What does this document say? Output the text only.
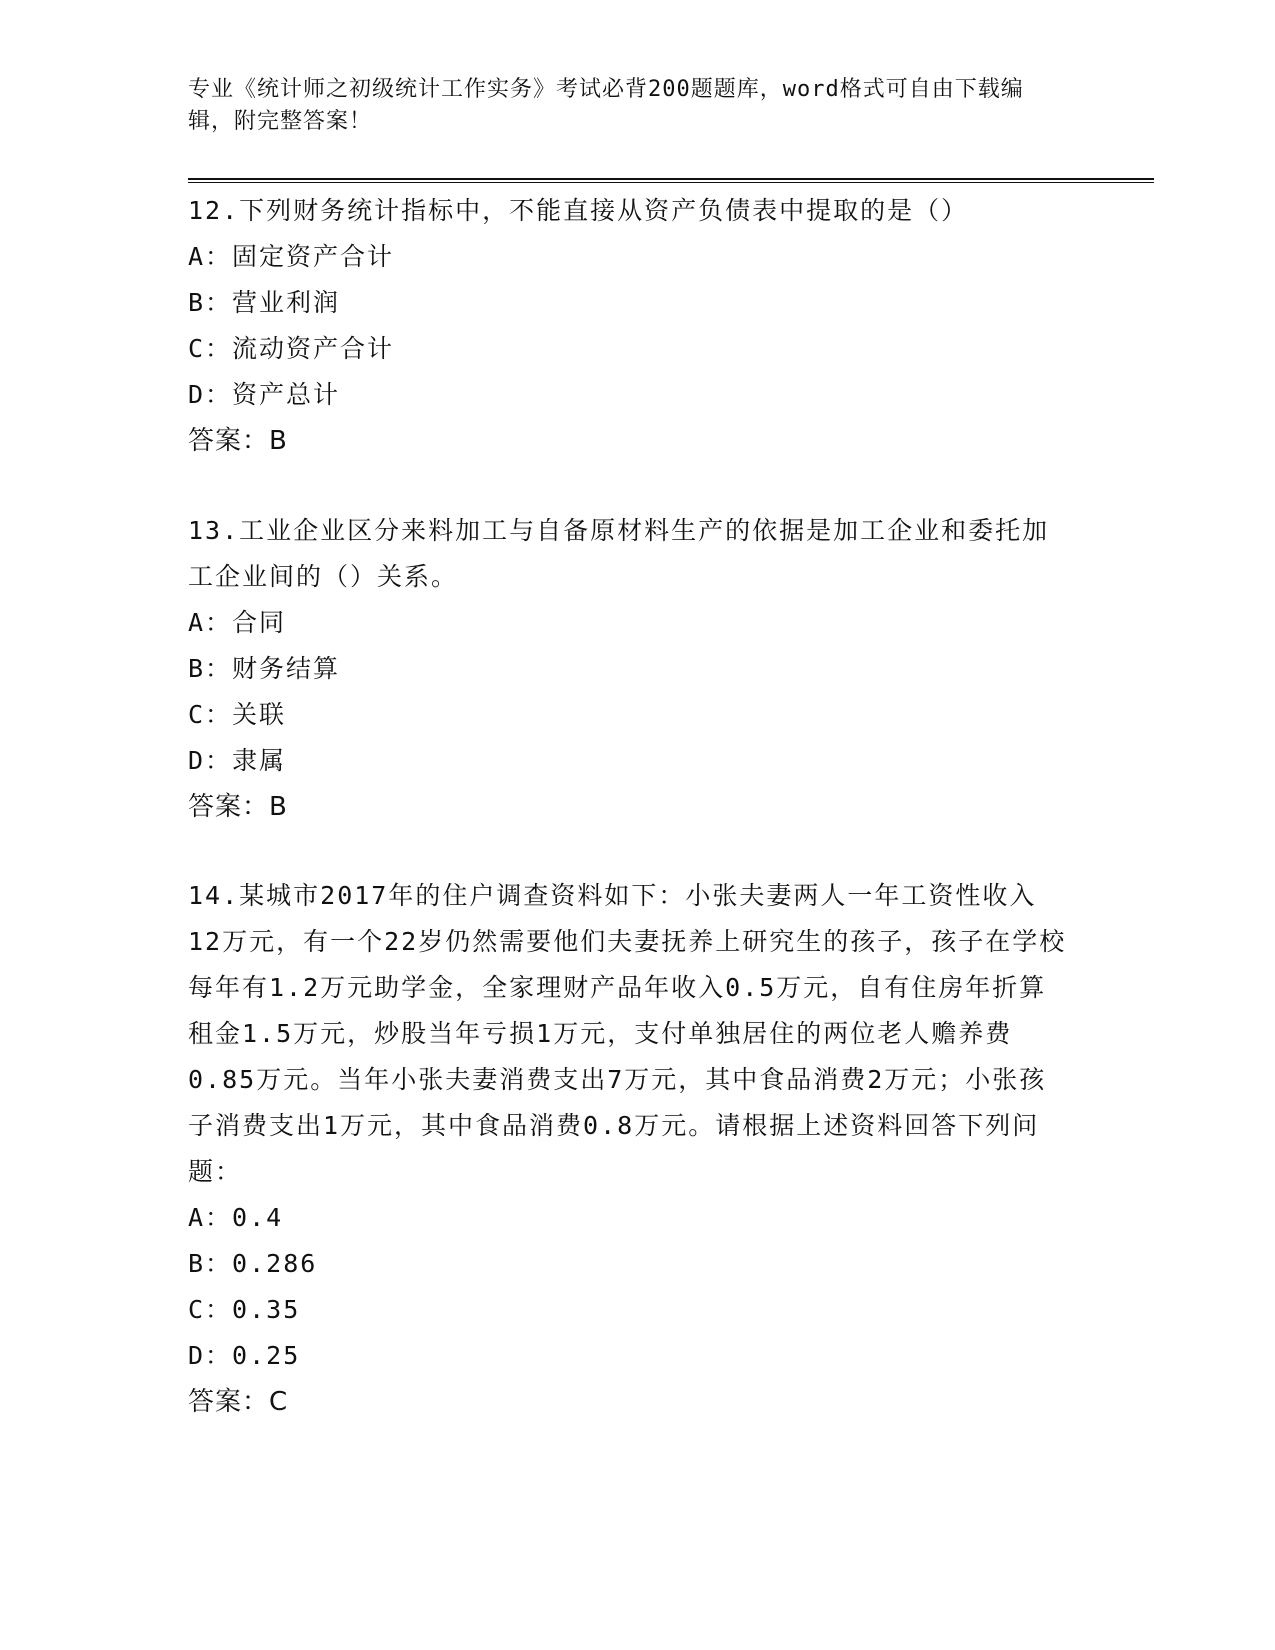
专业《统计师之初级统计工作实务》考试必背200题题库，word格式可自由下载编辑，附完整答案！

12.下列财务统计指标中，不能直接从资产负债表中提取的是（）

A：固定资产合计

B：营业利润

C：流动资产合计

D：资产总计

答案：B

13.工业企业区分来料加工与自备原材料生产的依据是加工企业和委托加工企业间的（）关系。

A：合同

B：财务结算

C：关联

D：隶属

答案：B

14.某城市2017年的住户调查资料如下：小张夫妻两人一年工资性收入12万元，有一个22岁仍然需要他们夫妻抚养上研究生的孩子，孩子在学校每年有1.2万元助学金，全家理财产品年收入0.5万元，自有住房年折算租金1.5万元，炒股当年亏损1万元，支付单独居住的两位老人赡养费0.85万元。当年小张夫妻消费支出7万元，其中食品消费2万元；小张孩子消费支出1万元，其中食品消费0.8万元。请根据上述资料回答下列问题：

A：0.4

B：0.286

C：0.35

D：0.25

答案：C
